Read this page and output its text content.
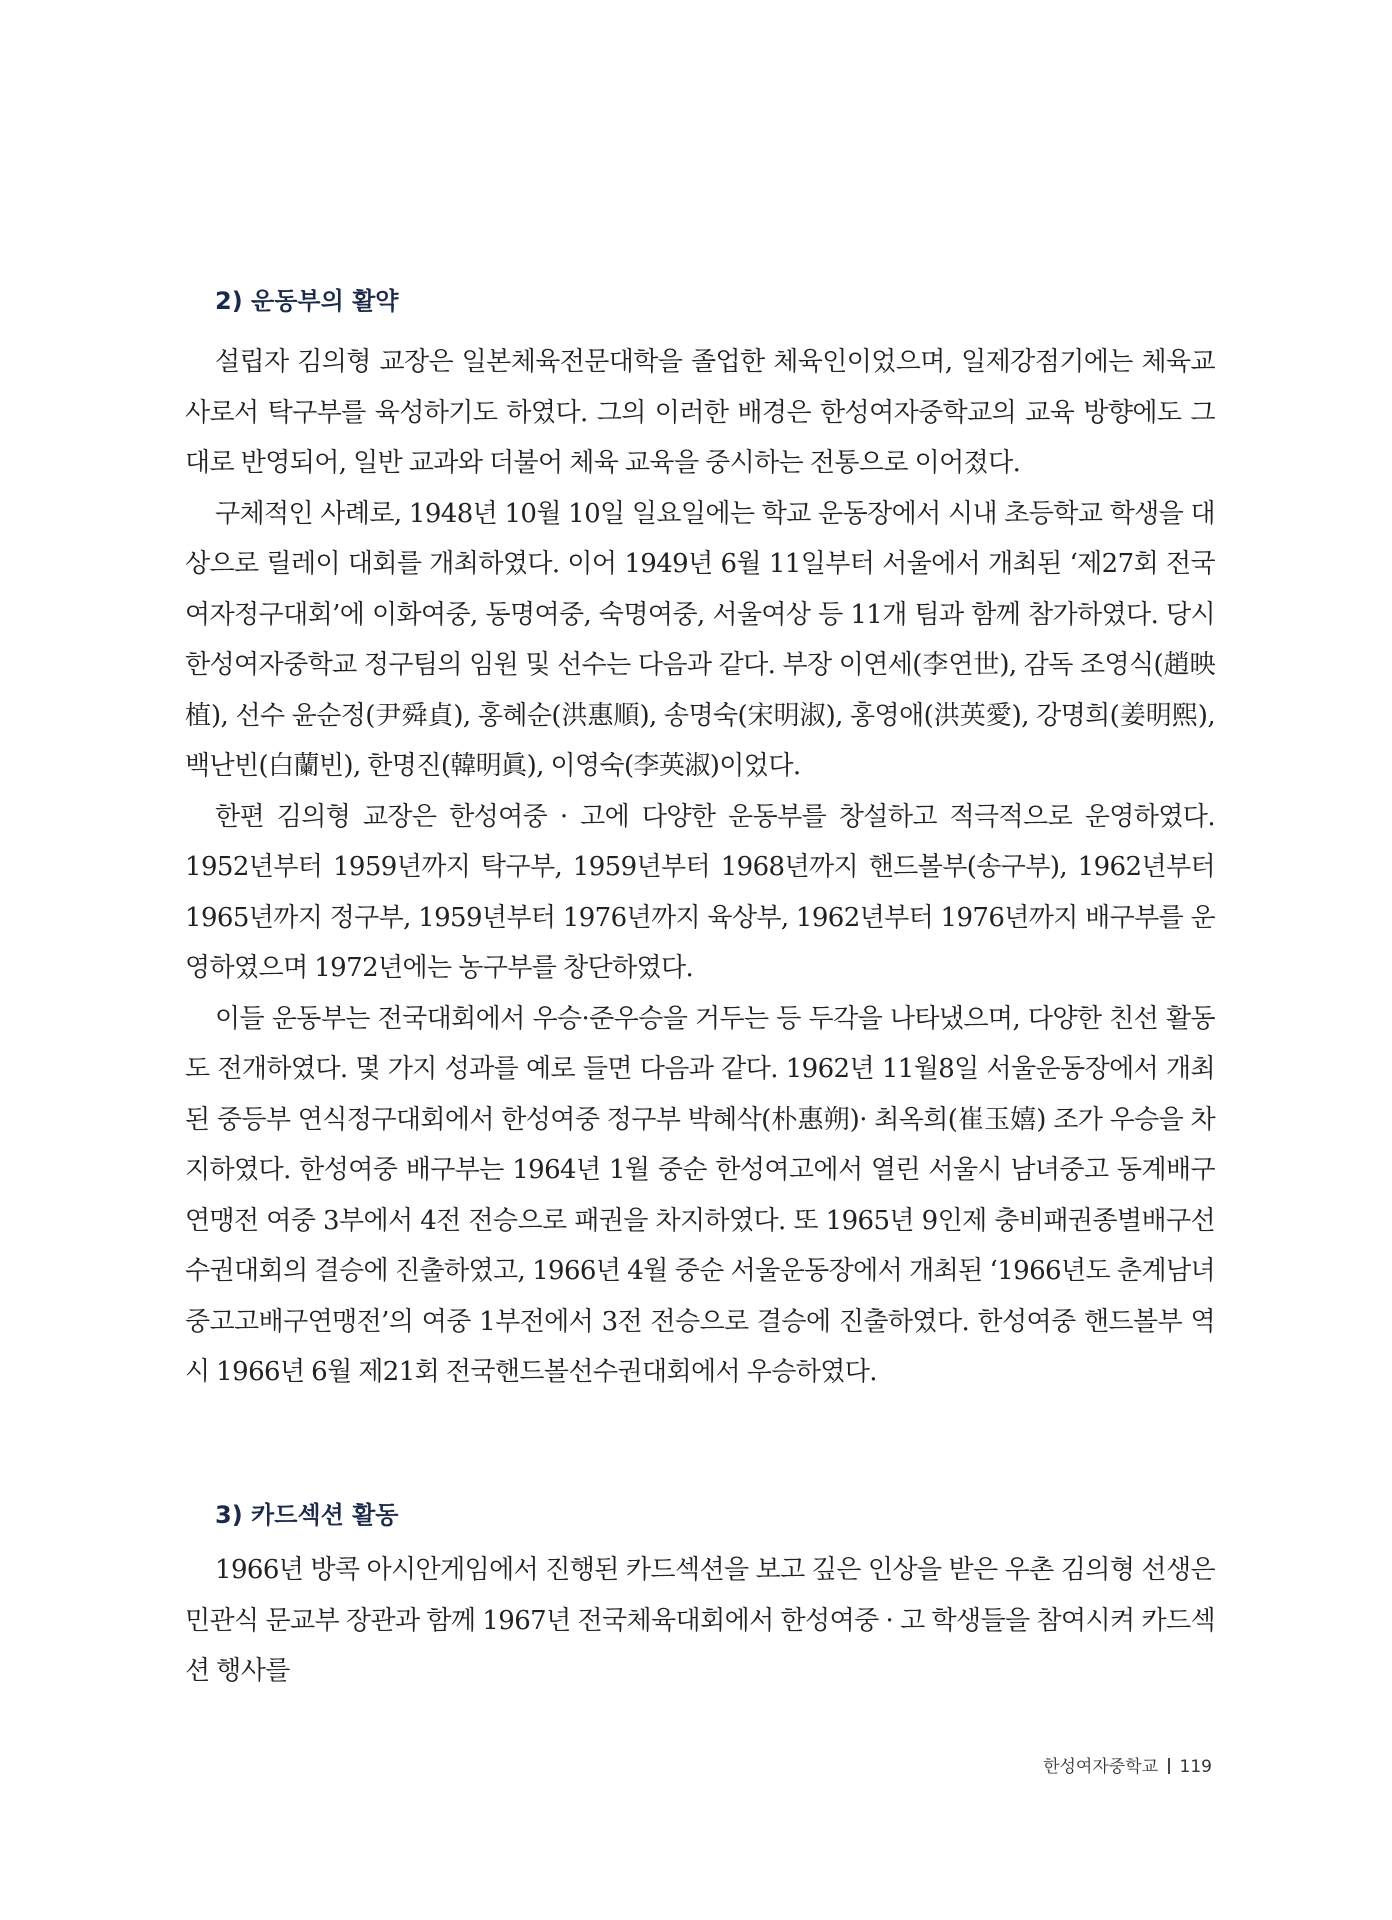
2) 운동부의 활약

설립자 김의형 교장은 일본체육전문대학을 졸업한 체육인이었으며, 일제강점기에는 체육교사로서 탁구부를 육성하기도 하였다. 그의 이러한 배경은 한성여자중학교의 교육 방향에도 그대로 반영되어, 일반 교과와 더불어 체육 교육을 중시하는 전통으로 이어졌다.

구체적인 사례로, 1948년 10월 10일 일요일에는 학교 운동장에서 시내 초등학교 학생을 대상으로 릴레이 대회를 개최하였다. 이어 1949년 6월 11일부터 서울에서 개최된 ‘제27회 전국여자정구대회’에 이화여중, 동명여중, 숙명여중, 서울여상 등 11개 팀과 함께 참가하였다. 당시 한성여자중학교 정구팀의 임원 및 선수는 다음과 같다. 부장 이연세(李연世), 감독 조영식(趙映植), 선수 윤순정(尹舜貞), 홍혜순(洪惠順), 송명숙(宋明淑), 홍영애(洪英愛), 강명희(姜明熙), 백난빈(白蘭빈), 한명진(韓明眞), 이영숙(李英淑)이었다.

한편 김의형 교장은 한성여중 · 고에 다양한 운동부를 창설하고 적극적으로 운영하였다. 1952년부터 1959년까지 탁구부, 1959년부터 1968년까지 핸드볼부(송구부), 1962년부터 1965년까지 정구부, 1959년부터 1976년까지 육상부, 1962년부터 1976년까지 배구부를 운영하였으며 1972년에는 농구부를 창단하였다.

이들 운동부는 전국대회에서 우승·준우승을 거두는 등 두각을 나타냈으며, 다양한 친선 활동도 전개하였다. 몇 가지 성과를 예로 들면 다음과 같다. 1962년 11월8일 서울운동장에서 개최된 중등부 연식정구대회에서 한성여중 정구부 박혜삭(朴惠朔)· 최옥희(崔玉嬉) 조가 우승을 차지하였다. 한성여중 배구부는 1964년 1월 중순 한성여고에서 열린 서울시 남녀중고 동계배구 연맹전 여중 3부에서 4전 전승으로 패권을 차지하였다. 또 1965년 9인제 충비패권종별배구선수권대회의 결승에 진출하였고, 1966년 4월 중순 서울운동장에서 개최된 ‘1966년도 춘계남녀중고고배구연맹전’의 여중 1부전에서 3전 전승으로 결승에 진출하였다. 한성여중 핸드볼부 역시 1966년 6월 제21회 전국핸드볼선수권대회에서 우승하였다.

3) 카드섹션 활동

1966년 방콕 아시안게임에서 진행된 카드섹션을 보고 깊은 인상을 받은 우촌 김의형 선생은 민관식 문교부 장관과 함께 1967년 전국체육대회에서 한성여중 · 고 학생들을 참여시켜 카드섹션 행사를

한성여자중학교 119
